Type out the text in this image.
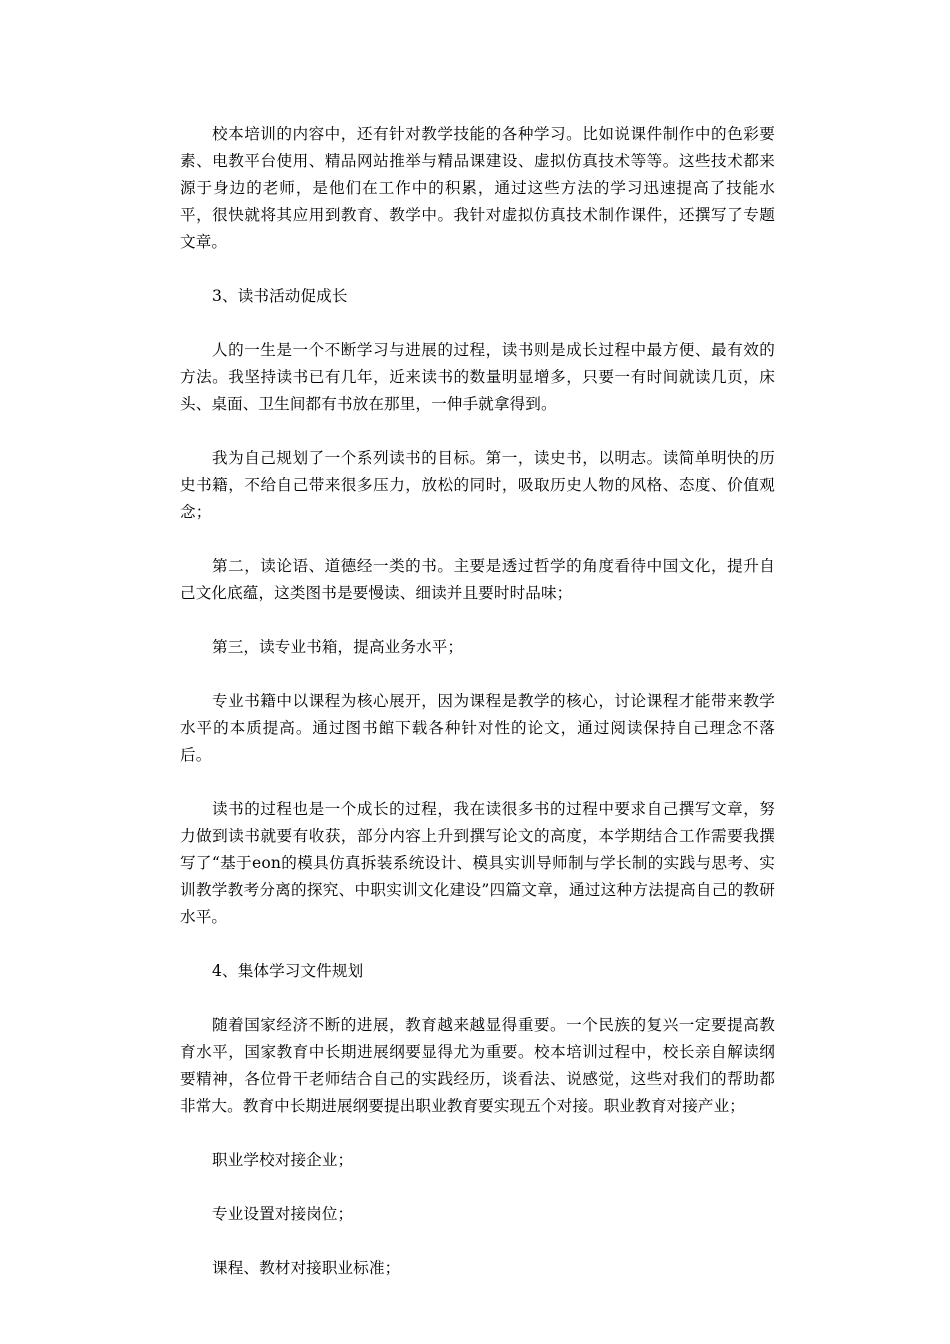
校本培训的内容中，还有针对教学技能的各种学习。比如说课件制作中的色彩要素、电教平台使用、精品网站推举与精品课建设、虚拟仿真技术等等。这些技术都来源于身边的老师，是他们在工作中的积累，通过这些方法的学习迅速提高了技能水平，很快就将其应用到教育、教学中。我针对虚拟仿真技术制作课件，还撰写了专题文章。

3、读书活动促成长

人的一生是一个不断学习与进展的过程，读书则是成长过程中最方便、最有效的方法。我坚持读书已有几年，近来读书的数量明显增多，只要一有时间就读几页，床头、桌面、卫生间都有书放在那里，一伸手就拿得到。

我为自己规划了一个系列读书的目标。第一，读史书，以明志。读简单明快的历史书籍，不给自己带来很多压力，放松的同时，吸取历史人物的风格、态度、价值观念；

第二，读论语、道德经一类的书。主要是透过哲学的角度看待中国文化，提升自己文化底蕴，这类图书是要慢读、细读并且要时时品味；

第三，读专业书箱，提高业务水平；

专业书籍中以课程为核心展开，因为课程是教学的核心，讨论课程才能带来教学水平的本质提高。通过图书館下载各种针对性的论文，通过阅读保持自己理念不落后。

读书的过程也是一个成长的过程，我在读很多书的过程中要求自己撰写文章，努力做到读书就要有收获，部分内容上升到撰写论文的高度，本学期结合工作需要我撰写了“基于eon的模具仿真拆装系统设计、模具实训导师制与学长制的实践与思考、实训教学教考分离的探究、中职实训文化建设”四篇文章，通过这种方法提高自己的教研水平。

4、集体学习文件规划

随着国家经济不断的进展，教育越来越显得重要。一个民族的复兴一定要提高教育水平，国家教育中长期进展纲要显得尤为重要。校本培训过程中，校长亲自解读纲要精神，各位骨干老师结合自己的实践经历，谈看法、说感觉，这些对我们的帮助都非常大。教育中长期进展纲要提出职业教育要实现五个对接。职业教育对接产业；

职业学校对接企业；

专业设置对接岗位；

课程、教材对接职业标准；
